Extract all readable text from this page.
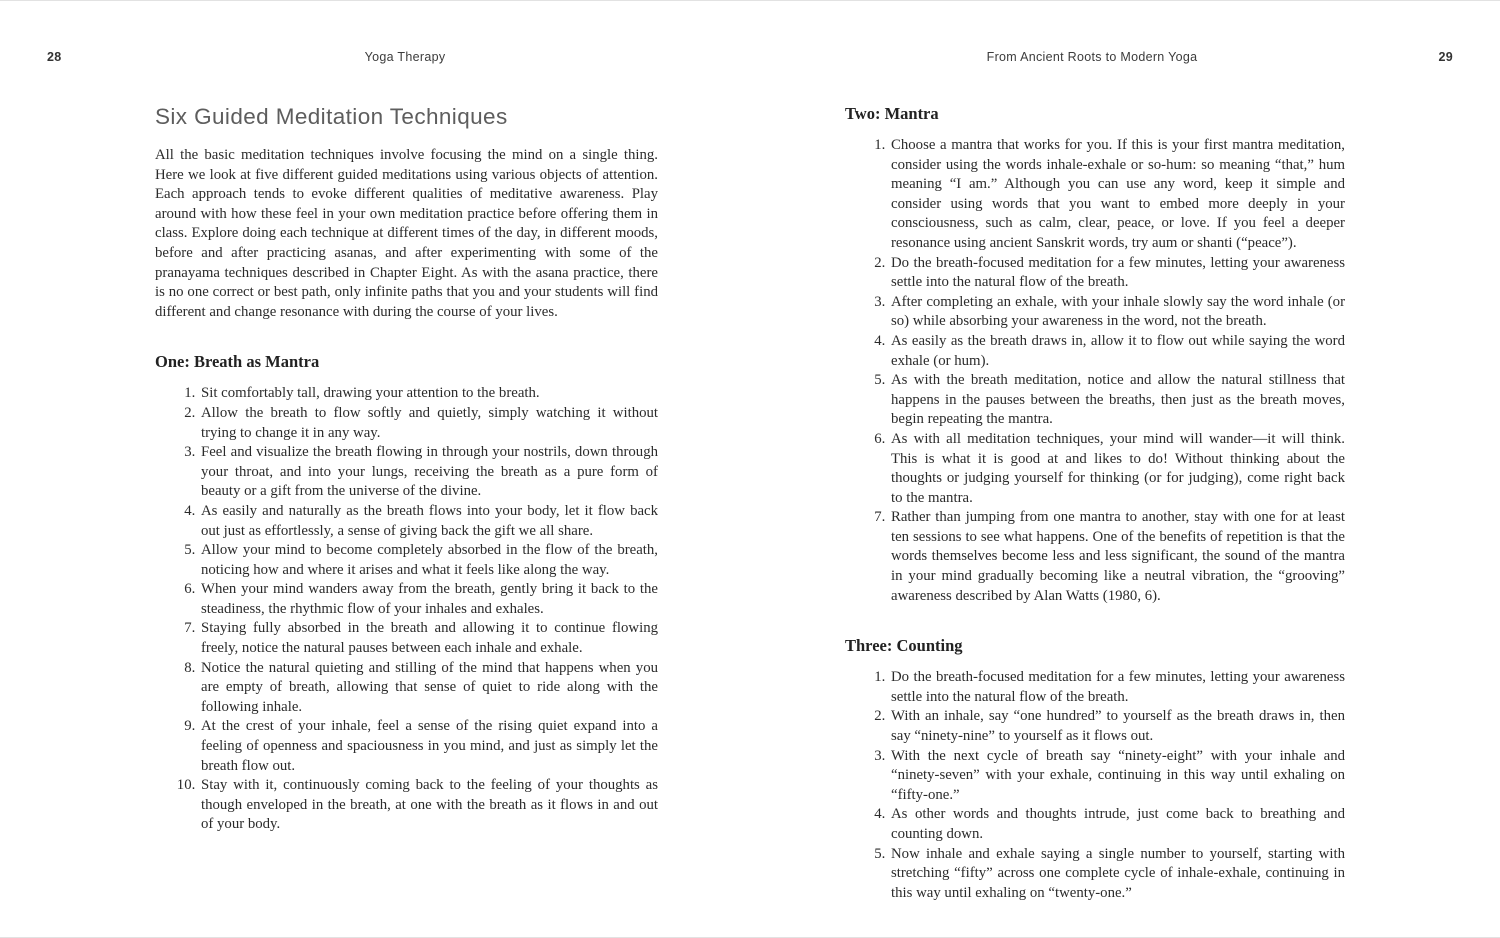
28	Yoga Therapy	From Ancient Roots to Modern Yoga	29
Six Guided Meditation Techniques

All the basic meditation techniques involve focusing the mind on a single thing. Here we look at five different guided meditations using various objects of attention. Each approach tends to evoke different qualities of meditative awareness. Play around with how these feel in your own meditation practice before offering them in class. Explore doing each technique at different times of the day, in different moods, before and after practicing asanas, and after experimenting with some of the pranayama techniques described in Chapter Eight. As with the asana practice, there is no one correct or best path, only infinite paths that you and your students will find different and change resonance with during the course of your lives.

One: Breath as Mantra
1. Sit comfortably tall, drawing your attention to the breath.
2. Allow the breath to flow softly and quietly, simply watching it without trying to change it in any way.
3. Feel and visualize the breath flowing in through your nostrils, down through your throat, and into your lungs, receiving the breath as a pure form of beauty or a gift from the universe of the divine.
4. As easily and naturally as the breath flows into your body, let it flow back out just as effortlessly, a sense of giving back the gift we all share.
5. Allow your mind to become completely absorbed in the flow of the breath, noticing how and where it arises and what it feels like along the way.
6. When your mind wanders away from the breath, gently bring it back to the steadiness, the rhythmic flow of your inhales and exhales.
7. Staying fully absorbed in the breath and allowing it to continue flowing freely, notice the natural pauses between each inhale and exhale.
8. Notice the natural quieting and stilling of the mind that happens when you are empty of breath, allowing that sense of quiet to ride along with the following inhale.
9. At the crest of your inhale, feel a sense of the rising quiet expand into a feeling of openness and spaciousness in you mind, and just as simply let the breath flow out.
10. Stay with it, continuously coming back to the feeling of your thoughts as though enveloped in the breath, at one with the breath as it flows in and out of your body.
Two: Mantra
1. Choose a mantra that works for you. If this is your first mantra meditation, consider using the words inhale-exhale or so-hum: so meaning “that,” hum meaning “I am.” Although you can use any word, keep it simple and consider using words that you want to embed more deeply in your consciousness, such as calm, clear, peace, or love. If you feel a deeper resonance using ancient Sanskrit words, try aum or shanti (“peace”).
2. Do the breath-focused meditation for a few minutes, letting your awareness settle into the natural flow of the breath.
3. After completing an exhale, with your inhale slowly say the word inhale (or so) while absorbing your awareness in the word, not the breath.
4. As easily as the breath draws in, allow it to flow out while saying the word exhale (or hum).
5. As with the breath meditation, notice and allow the natural stillness that happens in the pauses between the breaths, then just as the breath moves, begin repeating the mantra.
6. As with all meditation techniques, your mind will wander—it will think. This is what it is good at and likes to do! Without thinking about the thoughts or judging yourself for thinking (or for judging), come right back to the mantra.
7. Rather than jumping from one mantra to another, stay with one for at least ten sessions to see what happens. One of the benefits of repetition is that the words themselves become less and less significant, the sound of the mantra in your mind gradually becoming like a neutral vibration, the “grooving” awareness described by Alan Watts (1980, 6).
Three: Counting
1. Do the breath-focused meditation for a few minutes, letting your awareness settle into the natural flow of the breath.
2. With an inhale, say “one hundred” to yourself as the breath draws in, then say “ninety-nine” to yourself as it flows out.
3. With the next cycle of breath say “ninety-eight” with your inhale and “ninety-seven” with your exhale, continuing in this way until exhaling on “fifty-one.”
4. As other words and thoughts intrude, just come back to breathing and counting down.
5. Now inhale and exhale saying a single number to yourself, starting with stretching “fifty” across one complete cycle of inhale-exhale, continuing in this way until exhaling on “twenty-one.”
